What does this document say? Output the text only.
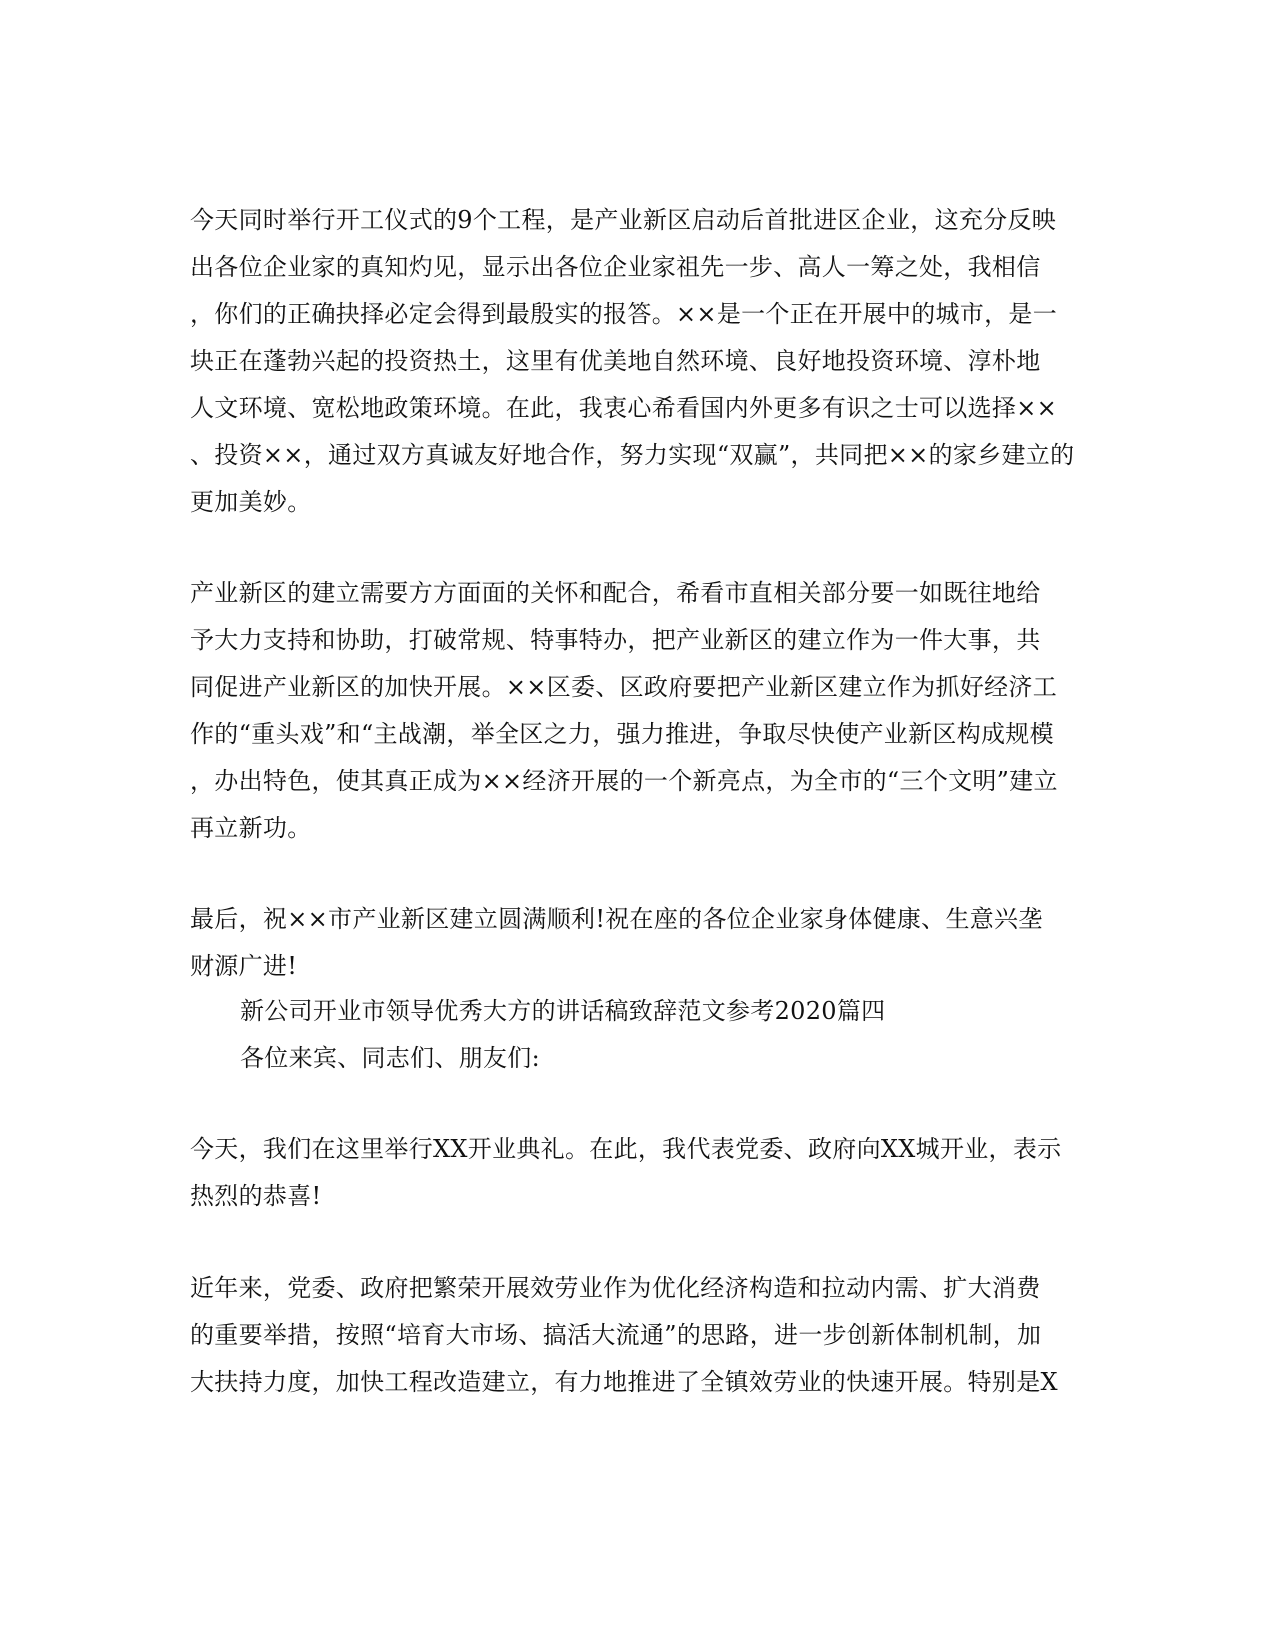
今天同时举行开工仪式的9个工程，是产业新区启动后首批进区企业，这充分反映
出各位企业家的真知灼见，显示出各位企业家祖先一步、高人一筹之处，我相信
，你们的正确抉择必定会得到最殷实的报答。××是一个正在开展中的城市，是一
块正在蓬勃兴起的投资热土，这里有优美地自然环境、良好地投资环境、淳朴地
人文环境、宽松地政策环境。在此，我衷心希看国内外更多有识之士可以选择××
、投资××，通过双方真诚友好地合作，努力实现“双赢”，共同把××的家乡建立的
更加美妙。
产业新区的建立需要方方面面的关怀和配合，希看市直相关部分要一如既往地给
予大力支持和协助，打破常规、特事特办，把产业新区的建立作为一件大事，共
同促进产业新区的加快开展。××区委、区政府要把产业新区建立作为抓好经济工
作的“重头戏”和“主战潮，举全区之力，强力推进，争取尽快使产业新区构成规模
，办出特色，使其真正成为××经济开展的一个新亮点，为全市的“三个文明”建立
再立新功。
最后，祝××市产业新区建立圆满顺利!祝在座的各位企业家身体健康、生意兴垄
财源广进!
新公司开业市领导优秀大方的讲话稿致辞范文参考2020篇四
各位来宾、同志们、朋友们:
今天，我们在这里举行XX开业典礼。在此，我代表党委、政府向XX城开业，表示
热烈的恭喜!
近年来，党委、政府把繁荣开展效劳业作为优化经济构造和拉动内需、扩大消费
的重要举措，按照“培育大市场、搞活大流通”的思路，进一步创新体制机制，加
大扶持力度，加快工程改造建立，有力地推进了全镇效劳业的快速开展。特别是X
